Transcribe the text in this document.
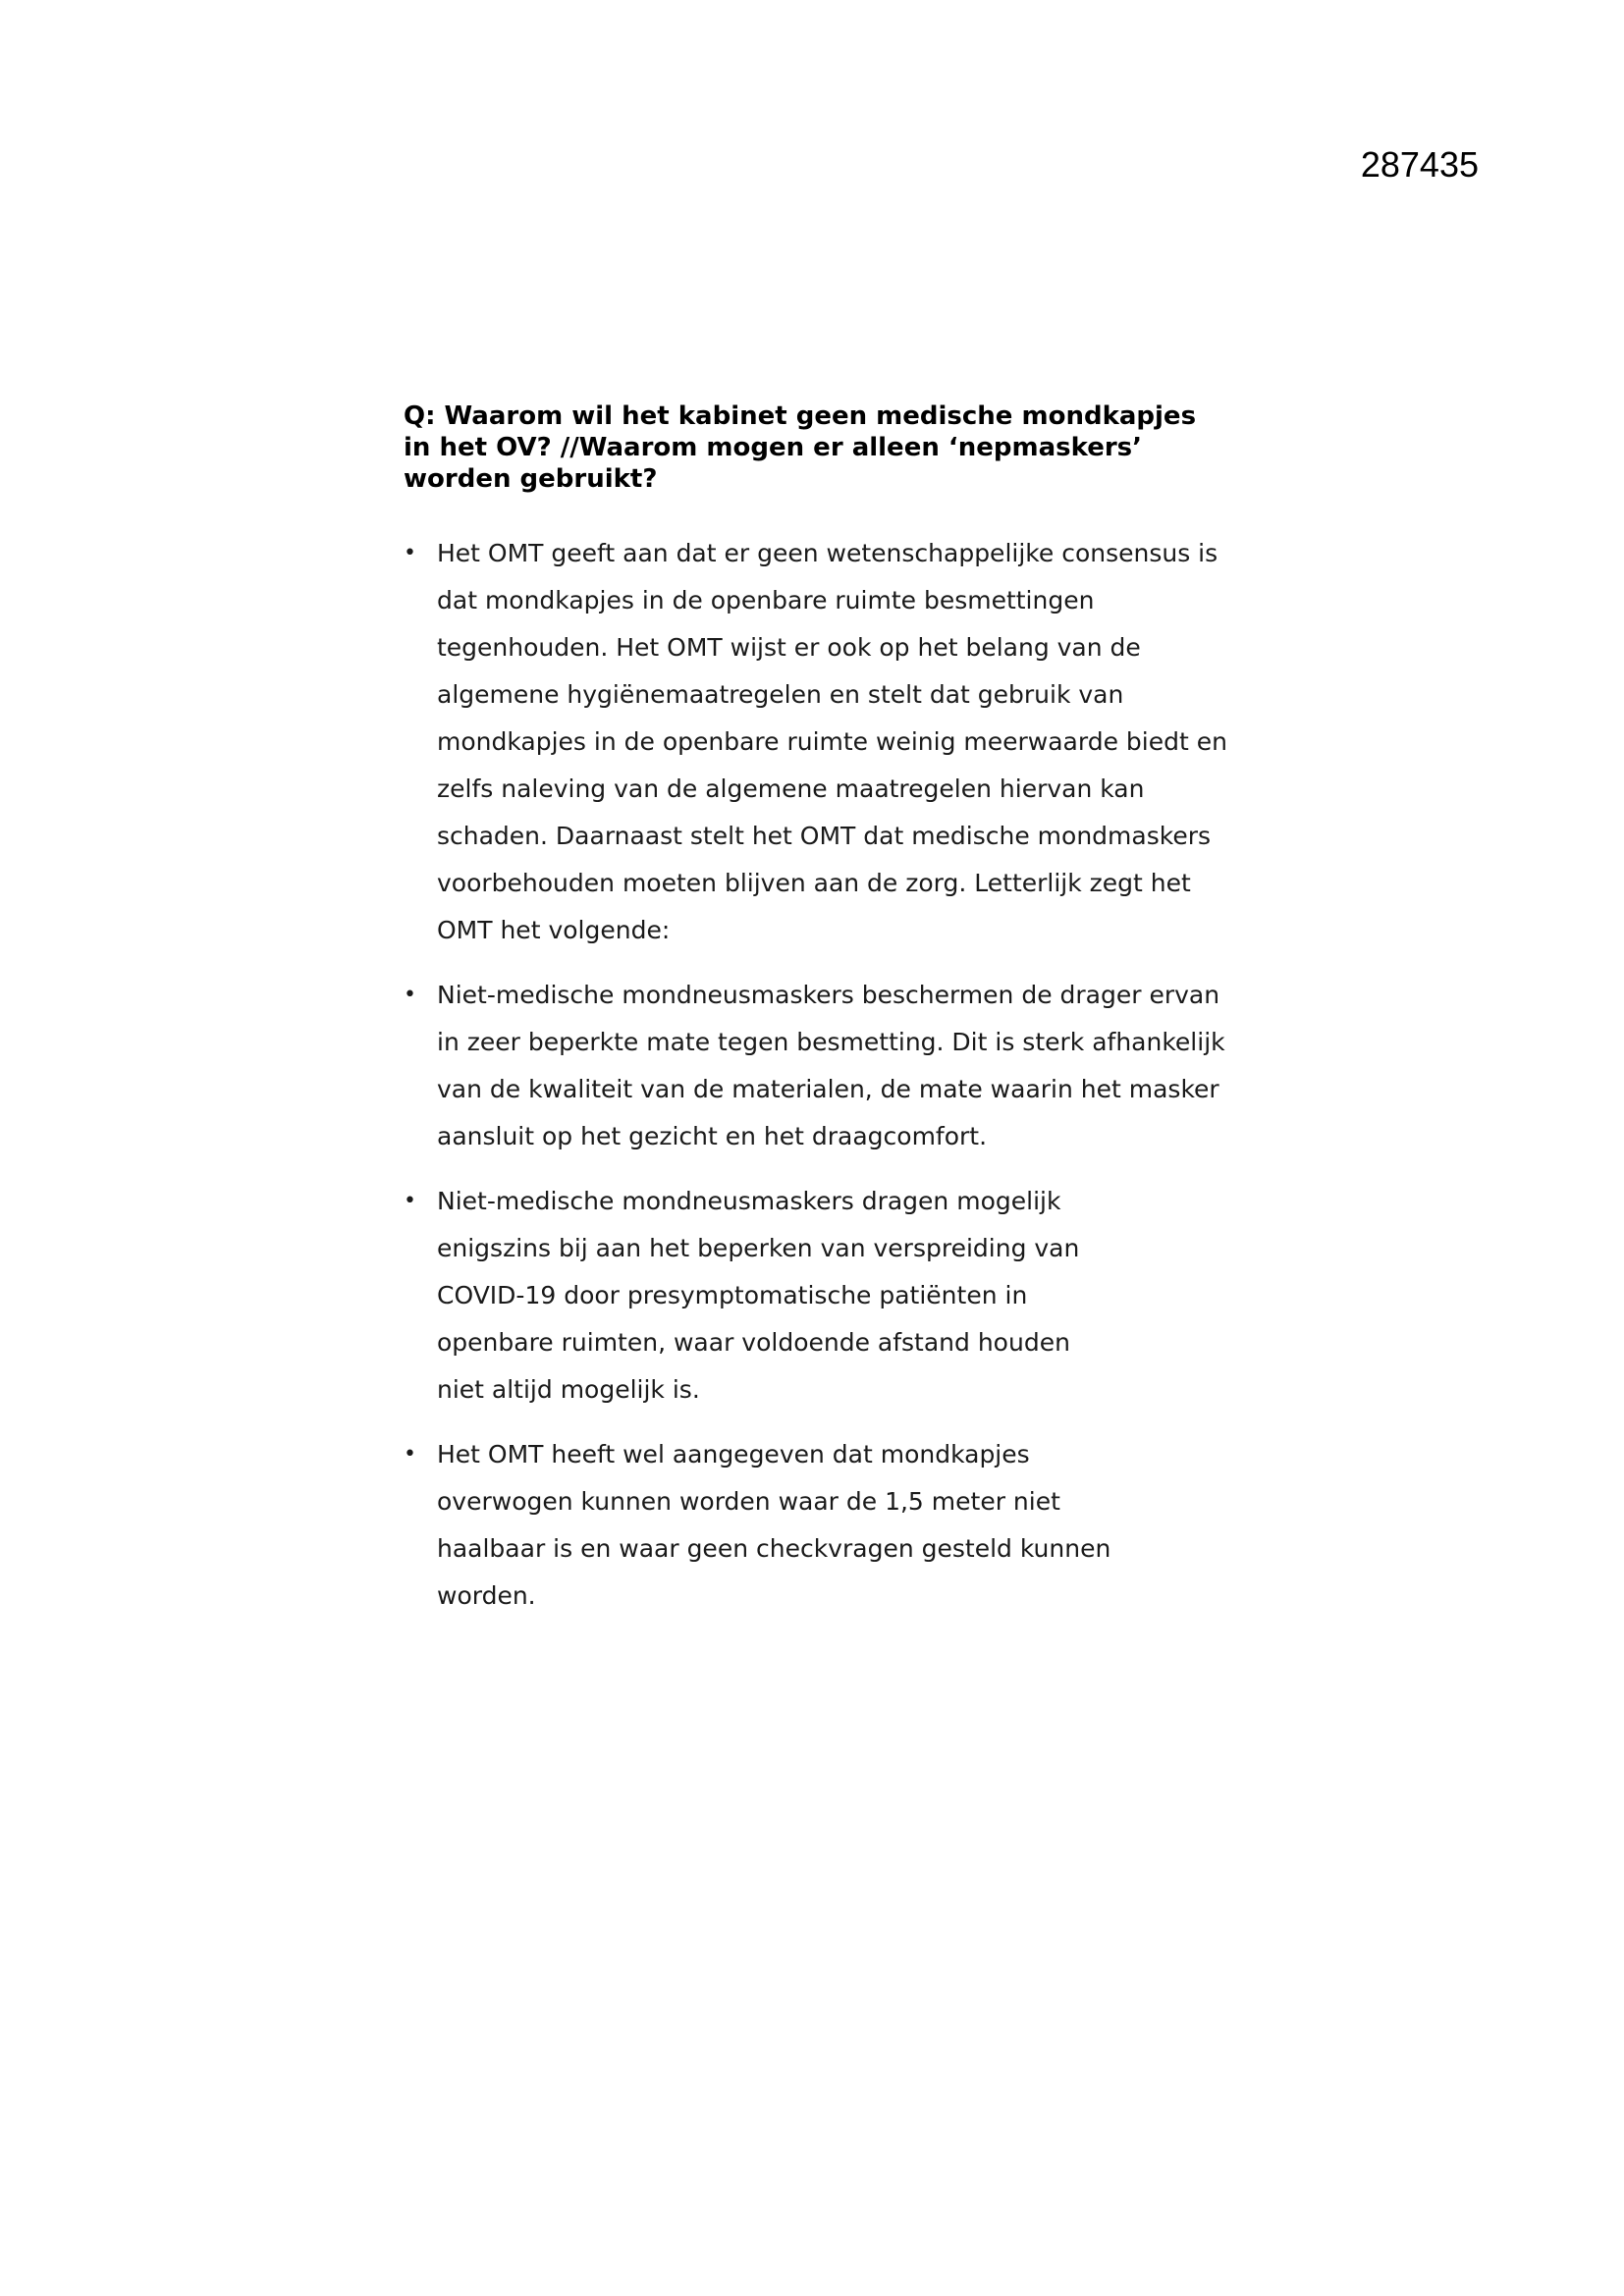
287435
Q: Waarom wil het kabinet geen medische mondkapjes in het OV? //Waarom mogen er alleen ‘nepmaskers’ worden gebruikt?
• Het OMT geeft aan dat er geen wetenschappelijke consensus is dat mondkapjes in de openbare ruimte besmettingen tegenhouden. Het OMT wijst er ook op het belang van de algemene hygiënemaatregelen en stelt dat gebruik van mondkapjes in de openbare ruimte weinig meerwaarde biedt en zelfs naleving van de algemene maatregelen hiervan kan schaden. Daarnaast stelt het OMT dat medische mondmaskers voorbehouden moeten blijven aan de zorg. Letterlijk zegt het OMT het volgende:
• Niet-medische mondneusmaskers beschermen de drager ervan in zeer beperkte mate tegen besmetting. Dit is sterk afhankelijk van de kwaliteit van de materialen, de mate waarin het masker aansluit op het gezicht en het draagcomfort.
• Niet-medische mondneusmaskers dragen mogelijk enigszins bij aan het beperken van verspreiding van COVID-19 door presymptomatische patiënten in openbare ruimten, waar voldoende afstand houden niet altijd mogelijk is.
• Het OMT heeft wel aangegeven dat mondkapjes overwogen kunnen worden waar de 1,5 meter niet haalbaar is en waar geen checkvragen gesteld kunnen worden.
